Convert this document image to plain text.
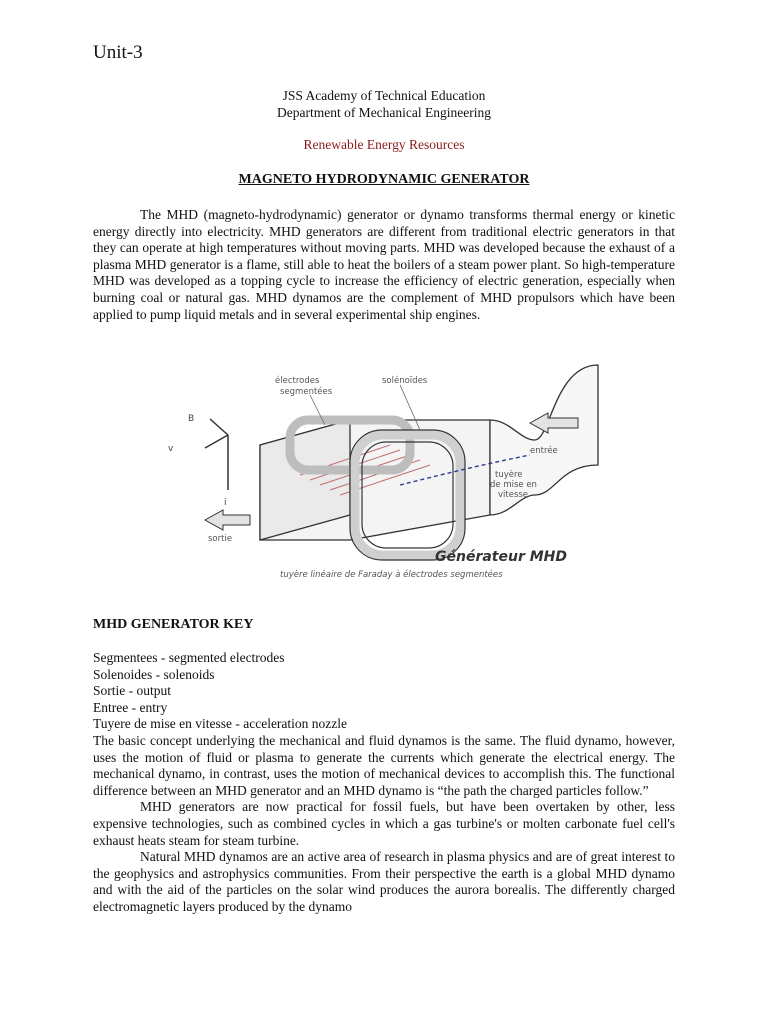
Unit-3
JSS Academy of Technical Education
Department of Mechanical Engineering
Renewable Energy Resources
MAGNETO HYDRODYNAMIC GENERATOR

The MHD (magneto-hydrodynamic) generator or dynamo transforms thermal energy or kinetic energy directly into electricity. MHD generators are different from traditional electric generators in that they can operate at high temperatures without moving parts. MHD was developed because the exhaust of a plasma MHD generator is a flame, still able to heat the boilers of a steam power plant. So high-temperature MHD was developed as a topping cycle to increase the efficiency of electric generation, especially when burning coal or natural gas. MHD dynamos are the complement of MHD propulsors which have been applied to pump liquid metals and in several experimental ship engines.

B
v
i
électrodes
segmentées
solénoïdes
entrée
tuyère
de mise en
vitesse
sortie
Générateur MHD
tuyère linéaire de Faraday à électrodes segmentées
MHD GENERATOR KEY

Segmentees - segmented electrodes

Solenoides - solenoids

Sortie - output

Entree - entry

Tuyere de mise en vitesse - acceleration nozzle

The basic concept underlying the mechanical and fluid dynamos is the same. The fluid dynamo, however, uses the motion of fluid or plasma to generate the currents which generate the electrical energy. The mechanical dynamo, in contrast, uses the motion of mechanical devices to accomplish this. The functional difference between an MHD generator and an MHD dynamo is “the path the charged particles follow.”

MHD generators are now practical for fossil fuels, but have been overtaken by other, less expensive technologies, such as combined cycles in which a gas turbine's or molten carbonate fuel cell's exhaust heats steam for steam turbine.

Natural MHD dynamos are an active area of research in plasma physics and are of great interest to the geophysics and astrophysics communities. From their perspective the earth is a global MHD dynamo and with the aid of the particles on the solar wind produces the aurora borealis. The differently charged electromagnetic layers produced by the dynamo
